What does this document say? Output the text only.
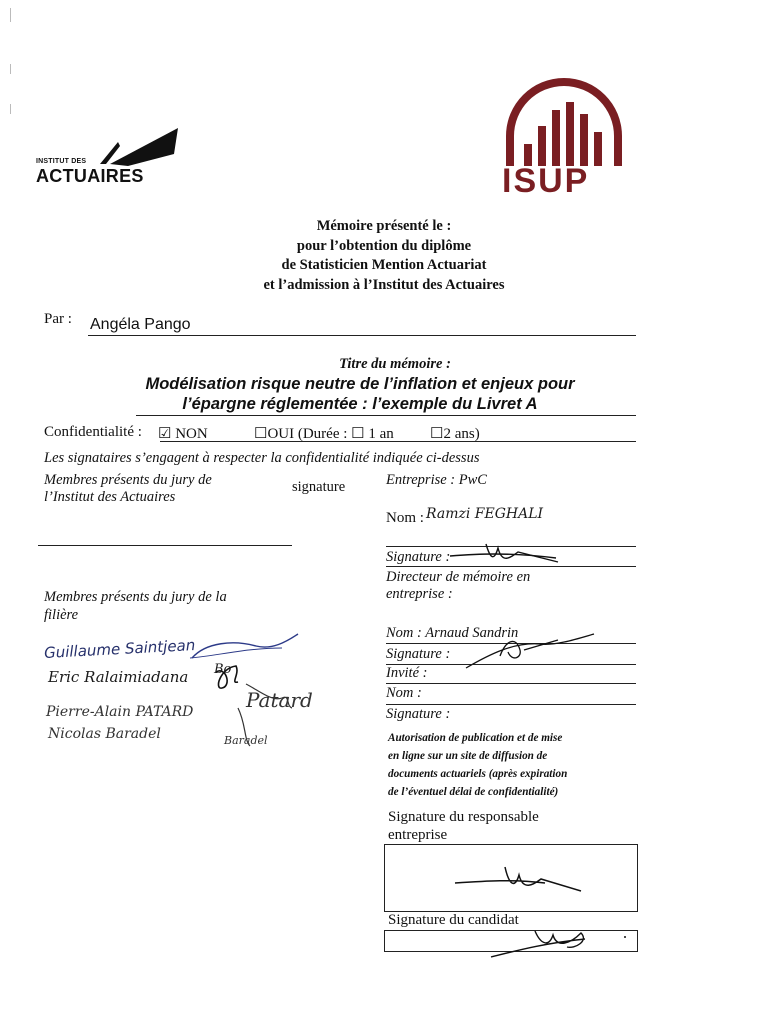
INSTITUT DES
ACTUAIRES	ISUP
Mémoire présenté le :
pour l’obtention du diplôme
de Statisticien Mention Actuariat
et l’admission à l’Institut des Actuaires
Par : Angéla Pango
Titre du mémoire :
Modélisation risque neutre de l’inflation et enjeux pour
l’épargne réglementée : l’exemple du Livret A
Confidentialité : ☑ NON	☐OUI (Durée : ☐ 1 an ☐2 ans)
Les signataires s’engagent à respecter la confidentialité indiquée ci-dessus
Membres présents du jury de
l’Institut des Actuaires
signature
Membres présents du jury de la
filière
Guillaume Saintjean
Eric Ralaimiadana
Pierre-Alain PATARD
Nicolas Baradel
Bo
Patard
Baradel
Entreprise : PwC
Nom : Ramzi FEGHALI
Signature :
Directeur de mémoire en
entreprise :
Nom : Arnaud Sandrin
Signature :
Invité :
Nom :
Signature :
Autorisation de publication et de mise
en ligne sur un site de diffusion de
documents actuariels (après expiration
de l’éventuel délai de confidentialité)
Signature du responsable
entreprise
Signature du candidat
